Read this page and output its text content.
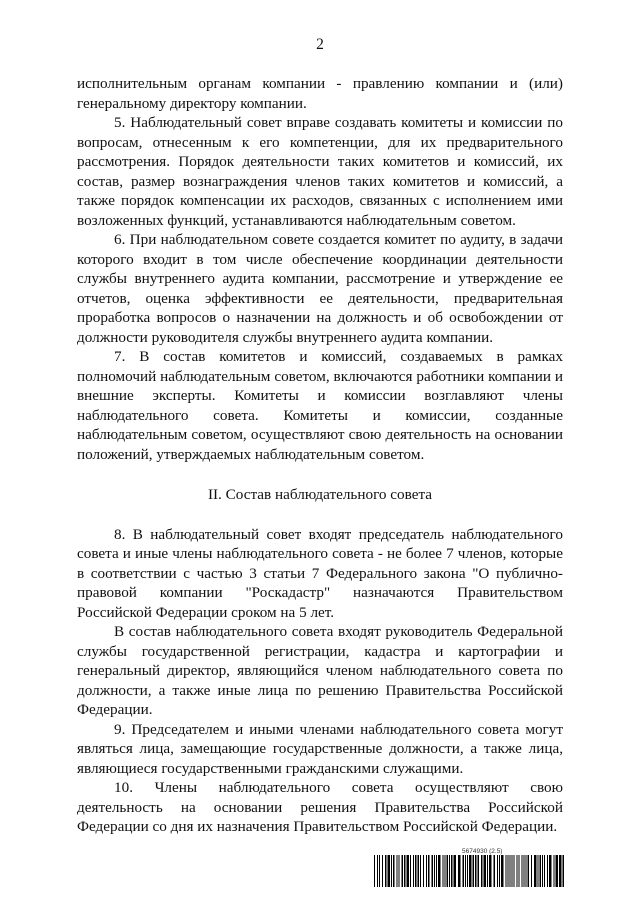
2

исполнительным органам компании - правлению компании и (или) генеральному директору компании.

5. Наблюдательный совет вправе создавать комитеты и комиссии по вопросам, отнесенным к его компетенции, для их предварительного рассмотрения. Порядок деятельности таких комитетов и комиссий, их состав, размер вознаграждения членов таких комитетов и комиссий, а также порядок компенсации их расходов, связанных с исполнением ими возложенных функций, устанавливаются наблюдательным советом.

6. При наблюдательном совете создается комитет по аудиту, в задачи которого входит в том числе обеспечение координации деятельности службы внутреннего аудита компании, рассмотрение и утверждение ее отчетов, оценка эффективности ее деятельности, предварительная проработка вопросов о назначении на должность и об освобождении от должности руководителя службы внутреннего аудита компании.

7. В состав комитетов и комиссий, создаваемых в рамках полномочий наблюдательным советом, включаются работники компании и внешние эксперты. Комитеты и комиссии возглавляют члены наблюдательного совета. Комитеты и комиссии, созданные наблюдательным советом, осуществляют свою деятельность на основании положений, утверждаемых наблюдательным советом.

II. Состав наблюдательного совета

8. В наблюдательный совет входят председатель наблюдательного совета и иные члены наблюдательного совета - не более 7 членов, которые в соответствии с частью 3 статьи 7 Федерального закона "О публично-правовой компании "Роскадастр" назначаются Правительством Российской Федерации сроком на 5 лет.

В состав наблюдательного совета входят руководитель Федеральной службы государственной регистрации, кадастра и картографии и генеральный директор, являющийся членом наблюдательного совета по должности, а также иные лица по решению Правительства Российской Федерации.

9. Председателем и иными членами наблюдательного совета могут являться лица, замещающие государственные должности, а также лица, являющиеся государственными гражданскими служащими.

10. Члены наблюдательного совета осуществляют свою деятельность на основании решения Правительства Российской Федерации со дня их назначения Правительством Российской Федерации.

5674930 (2.5)
